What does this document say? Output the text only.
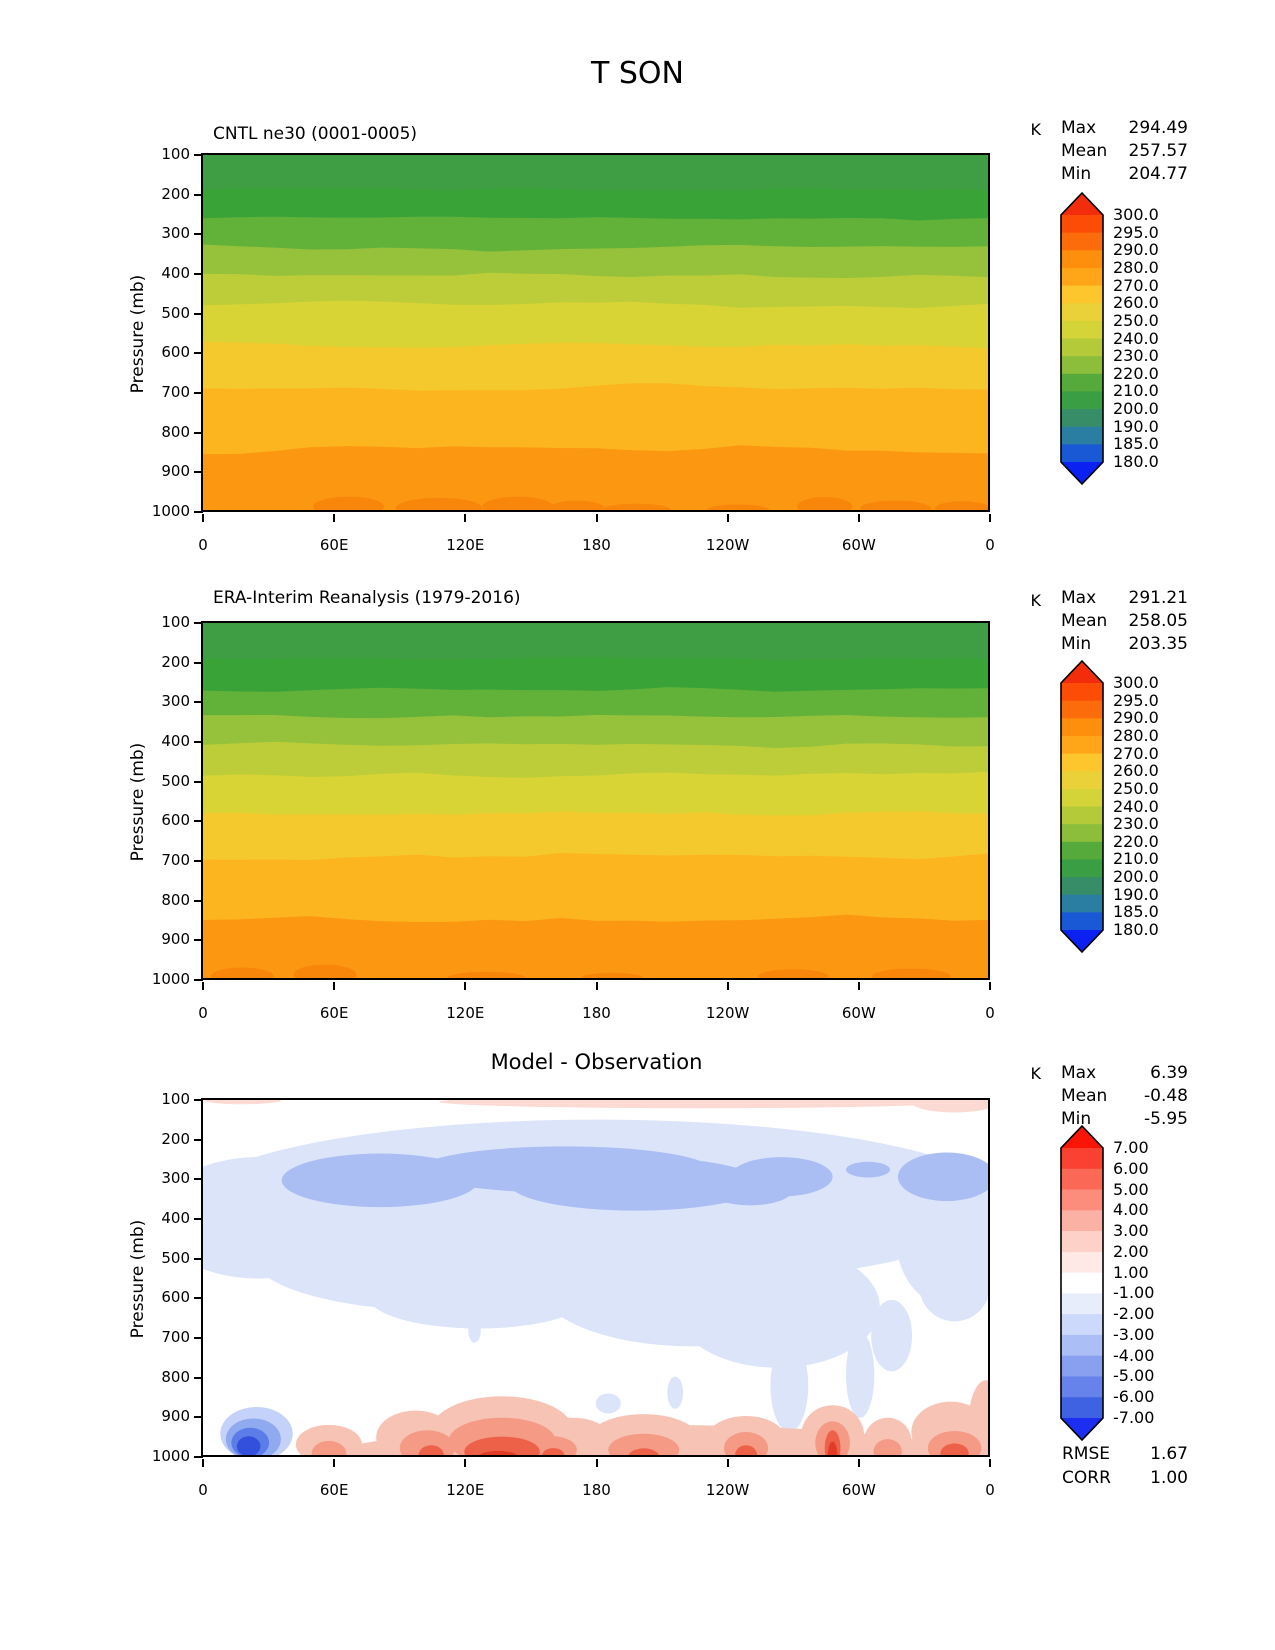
T SON
CNTL ne30 (0001-0005)	K Max	294.49
Mean	257.57
Min	204.77
100
200
300
400
500
600
700
800
900
1000
0	60E	120E	180	120W	60W	0
Pressure (mb)
300.0
295.0
290.0
280.0
270.0
260.0
250.0
240.0
230.0
220.0
210.0
200.0
190.0
185.0
180.0
ERA-Interim Reanalysis (1979-2016)	K Max	291.21
Mean	258.05
Min	203.35
100
200
300
400
500
600
700
800
900
1000
0	60E	120E	180	120W	60W	0
Pressure (mb)
300.0
295.0
290.0
280.0
270.0
260.0
250.0
240.0
230.0
220.0
210.0
200.0
190.0
185.0
180.0
Model - Observation	K Max	6.39
Mean	-0.48
Min	-5.95
RMSE	1.67
CORR	1.00
100
200
300
400
500
600
700
800
900
1000
0	60E	120E	180	120W	60W	0
Pressure (mb)
7.00
6.00
5.00
4.00
3.00
2.00
1.00
-1.00
-2.00
-3.00
-4.00
-5.00
-6.00
-7.00
